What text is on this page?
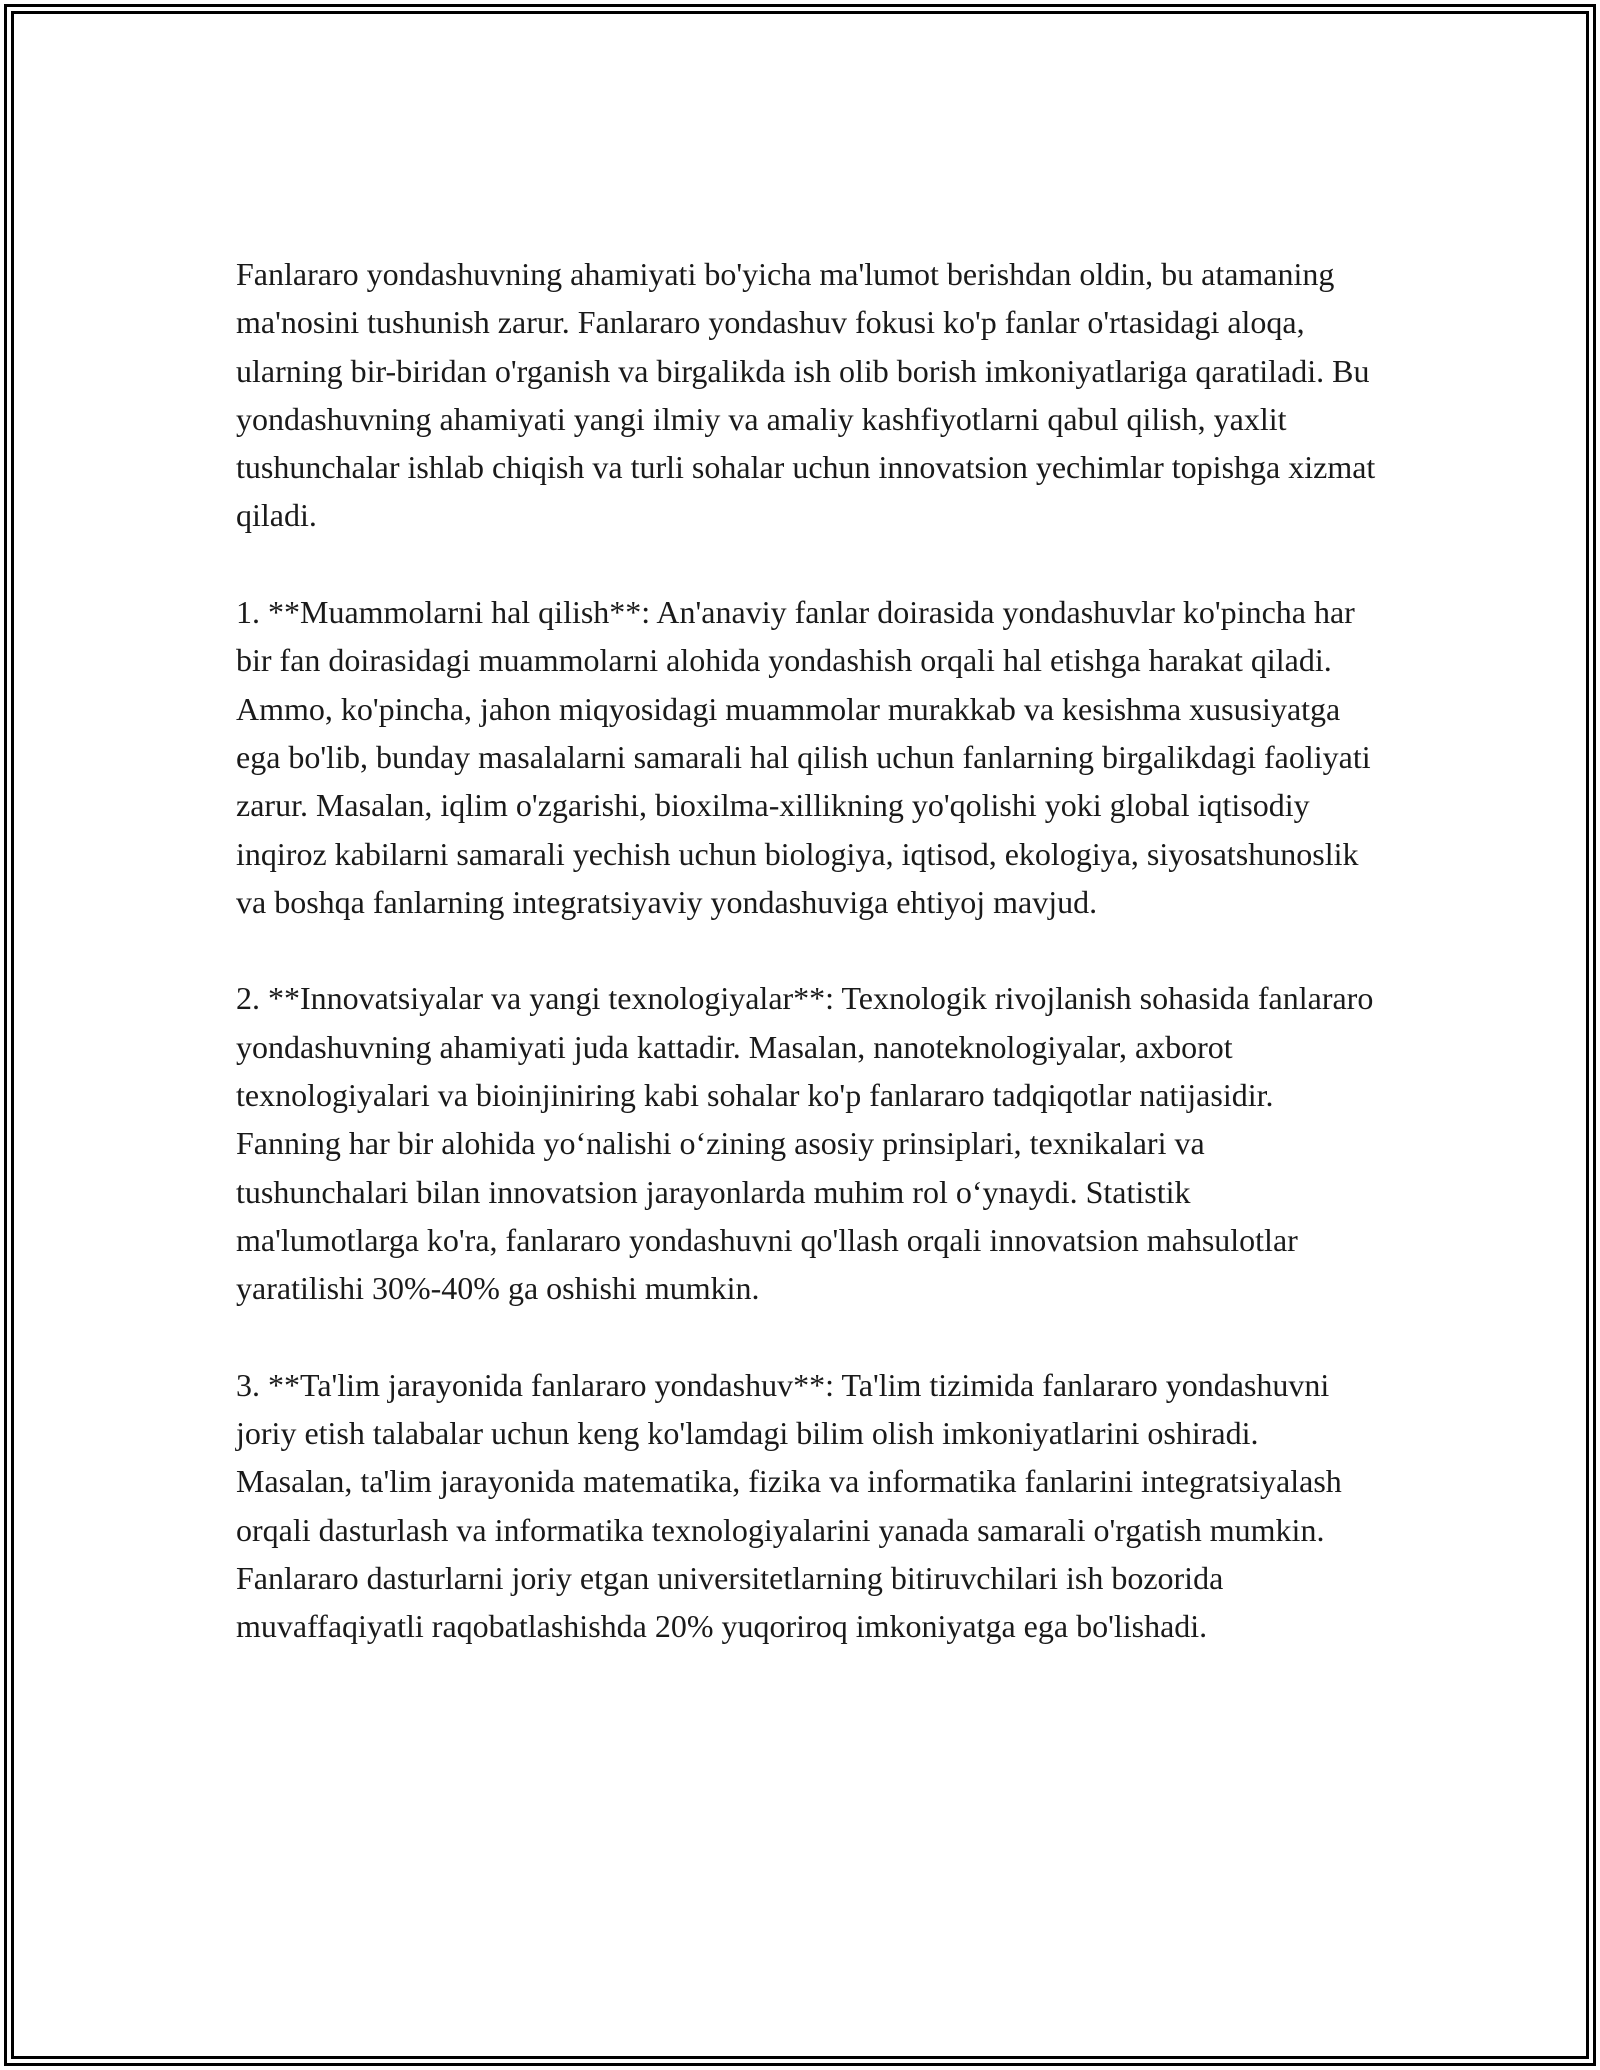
Fanlararo yondashuvning ahamiyati bo'yicha ma'lumot berishdan oldin, bu atamaning ma'nosini tushunish zarur. Fanlararo yondashuv fokusi ko'p fanlar o'rtasidagi aloqa, ularning bir-biridan o'rganish va birgalikda ish olib borish imkoniyatlariga qaratiladi. Bu yondashuvning ahamiyati yangi ilmiy va amaliy kashfiyotlarni qabul qilish, yaxlit tushunchalar ishlab chiqish va turli sohalar uchun innovatsion yechimlar topishga xizmat qiladi.

1. **Muammolarni hal qilish**: An'anaviy fanlar doirasida yondashuvlar ko'pincha har bir fan doirasidagi muammolarni alohida yondashish orqali hal etishga harakat qiladi. Ammo, ko'pincha, jahon miqyosidagi muammolar murakkab va kesishma xususiyatga ega bo'lib, bunday masalalarni samarali hal qilish uchun fanlarning birgalikdagi faoliyati zarur. Masalan, iqlim o'zgarishi, bioxilma-xillikning yo'qolishi yoki global iqtisodiy inqiroz kabilarni samarali yechish uchun biologiya, iqtisod, ekologiya, siyosatshunoslik va boshqa fanlarning integratsiyaviy yondashuviga ehtiyoj mavjud.

2. **Innovatsiyalar va yangi texnologiyalar**: Texnologik rivojlanish sohasida fanlararo yondashuvning ahamiyati juda kattadir. Masalan, nanoteknologiyalar, axborot texnologiyalari va bioinjiniring kabi sohalar ko'p fanlararo tadqiqotlar natijasidir. Fanning har bir alohida yo‘nalishi o‘zining asosiy prinsiplari, texnikalari va tushunchalari bilan innovatsion jarayonlarda muhim rol o‘ynaydi. Statistik ma'lumotlarga ko'ra, fanlararo yondashuvni qo'llash orqali innovatsion mahsulotlar yaratilishi 30%-40% ga oshishi mumkin.

3. **Ta'lim jarayonida fanlararo yondashuv**: Ta'lim tizimida fanlararo yondashuvni joriy etish talabalar uchun keng ko'lamdagi bilim olish imkoniyatlarini oshiradi. Masalan, ta'lim jarayonida matematika, fizika va informatika fanlarini integratsiyalash orqali dasturlash va informatika texnologiyalarini yanada samarali o'rgatish mumkin. Fanlararo dasturlarni joriy etgan universitetlarning bitiruvchilari ish bozorida muvaffaqiyatli raqobatlashishda 20% yuqoriroq imkoniyatga ega bo'lishadi.
